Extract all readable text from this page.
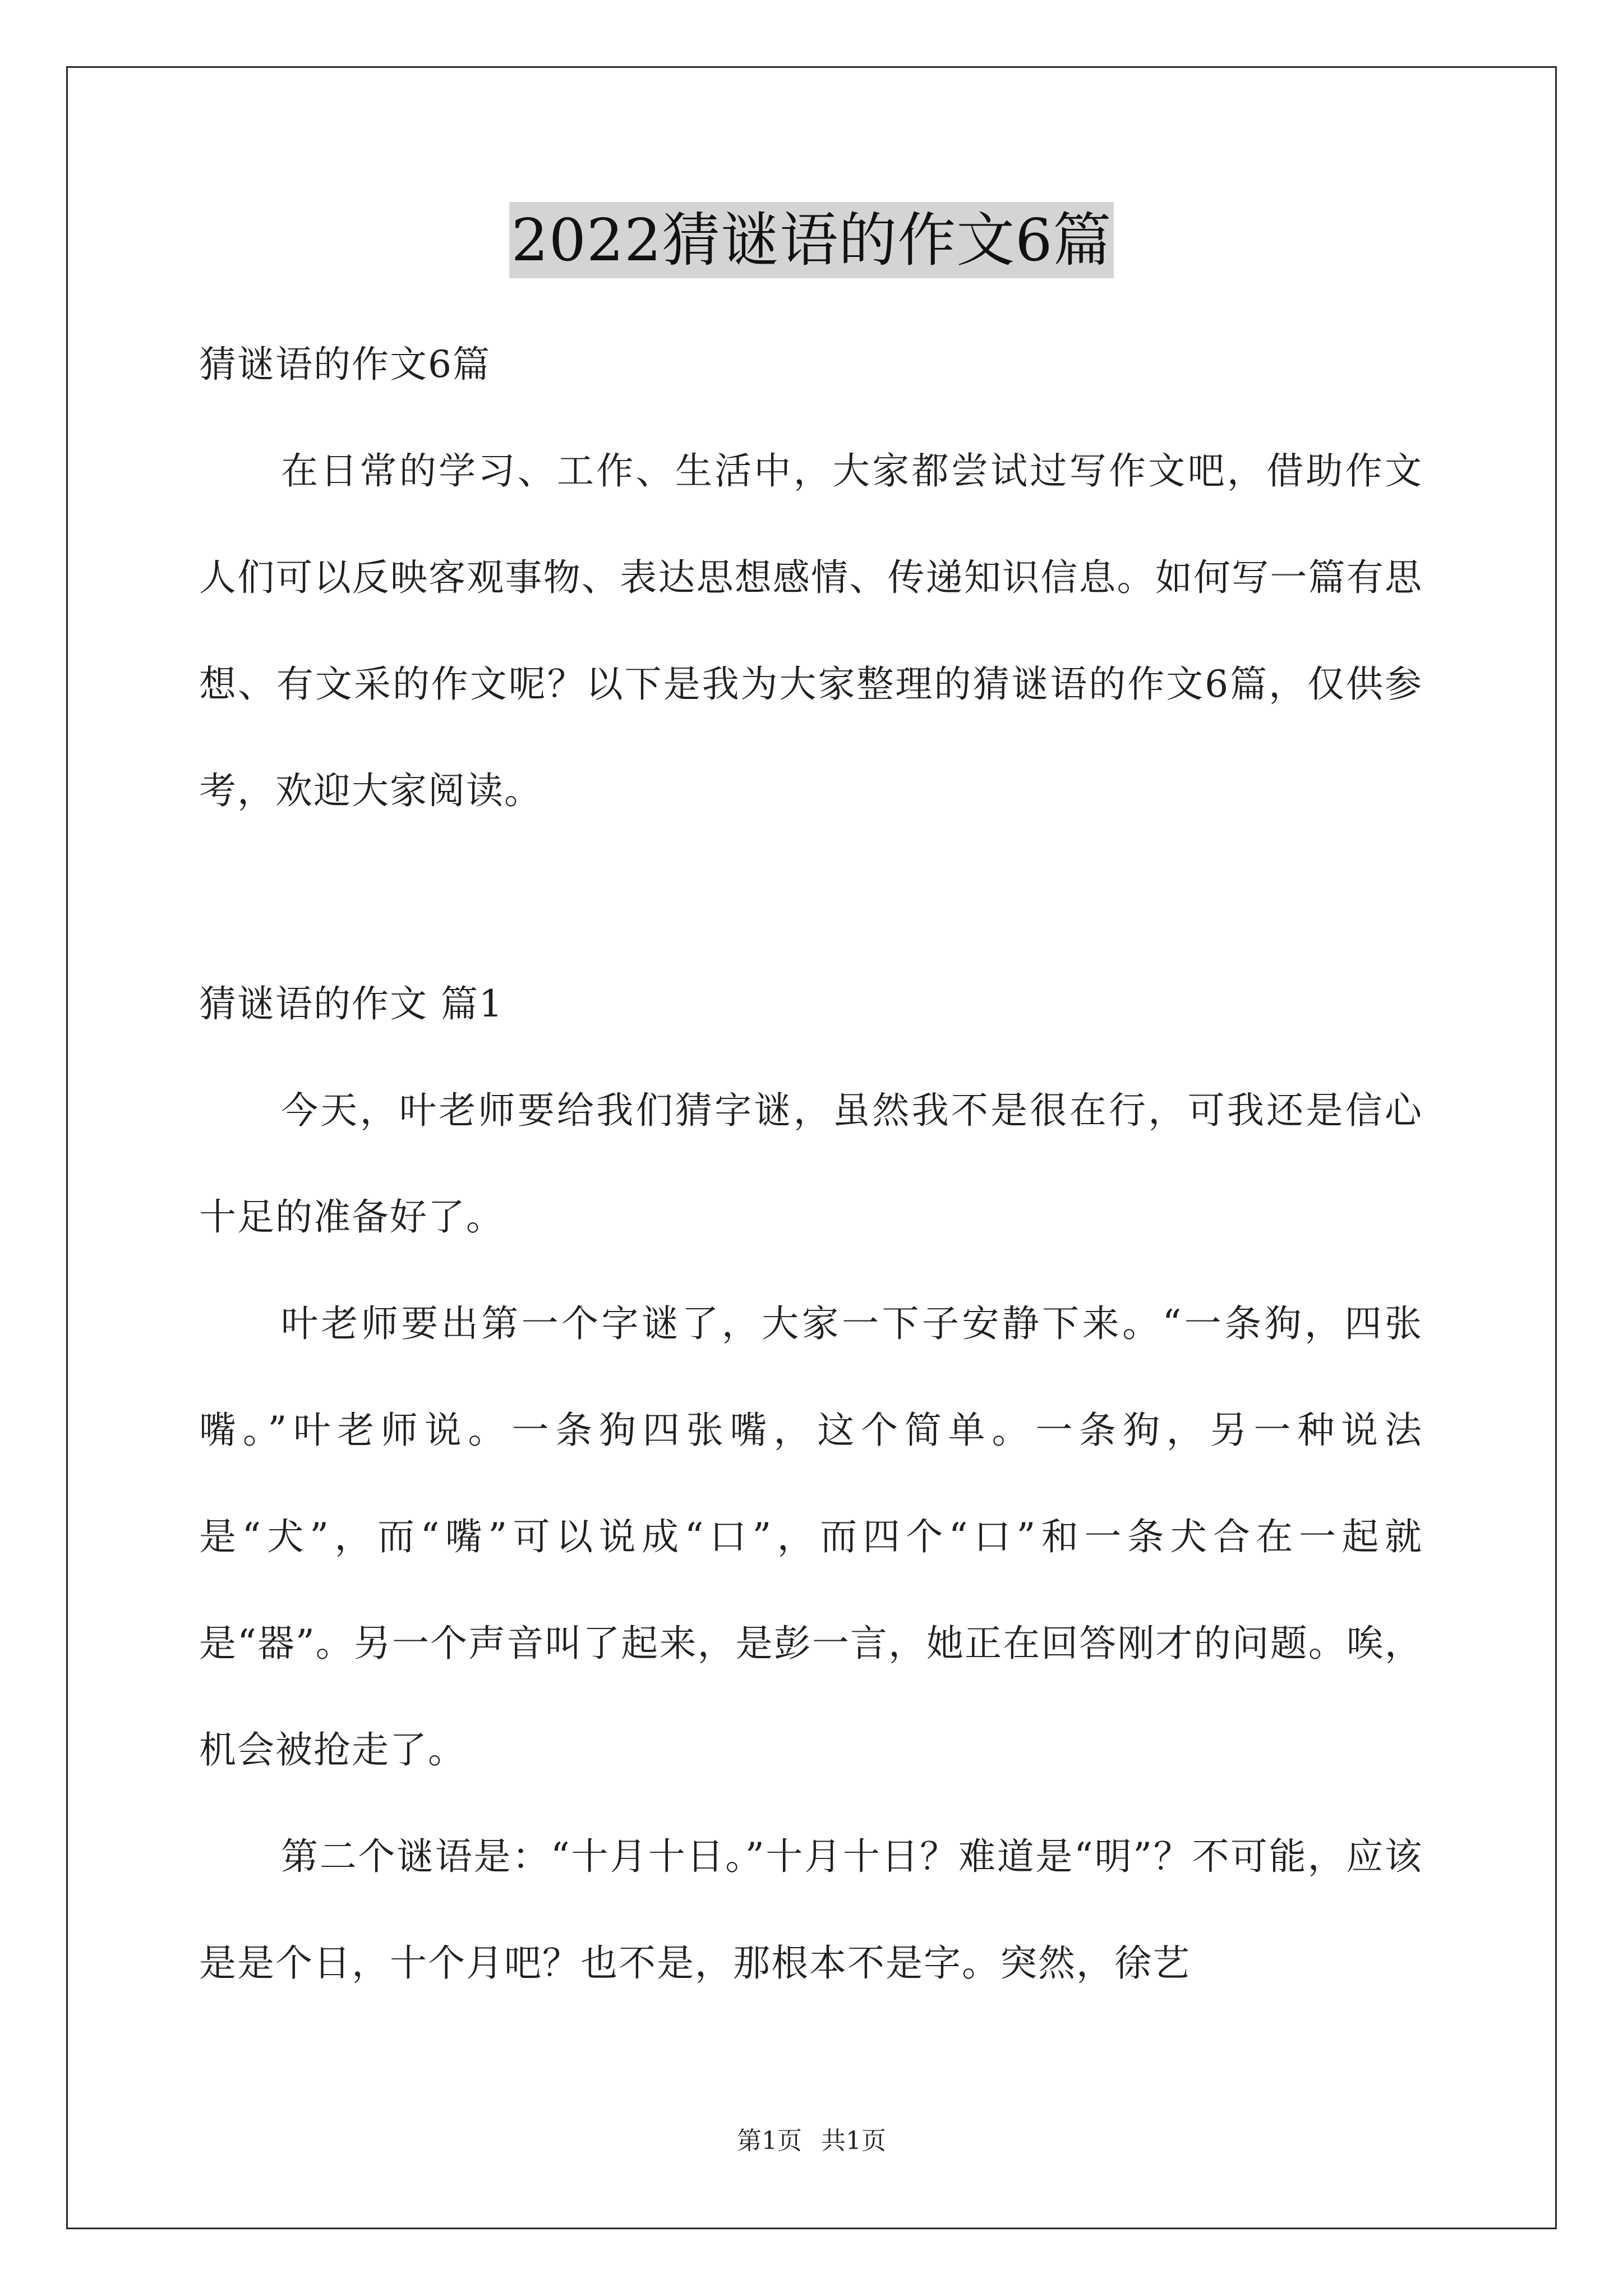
2022猜谜语的作文6篇

猜谜语的作文6篇

在日常的学习、工作、生活中，大家都尝试过写作文吧，借助作文人们可以反映客观事物、表达思想感情、传递知识信息。如何写一篇有思想、有文采的作文呢？以下是我为大家整理的猜谜语的作文6篇，仅供参考，欢迎大家阅读。

猜谜语的作文 篇1

今天，叶老师要给我们猜字谜，虽然我不是很在行，可我还是信心十足的准备好了。

叶老师要出第一个字谜了，大家一下子安静下来。“一条狗，四张嘴。”叶老师说。一条狗四张嘴，这个简单。一条狗，另一种说法是“犬”，而“嘴”可以说成“口”，而四个“口”和一条犬合在一起就是“器”。另一个声音叫了起来，是彭一言，她正在回答刚才的问题。唉，机会被抢走了。

第二个谜语是：“十月十日。”十月十日？难道是“明”？不可能，应该是是个日，十个月吧？也不是，那根本不是字。突然，徐艺

第1页 共1页
